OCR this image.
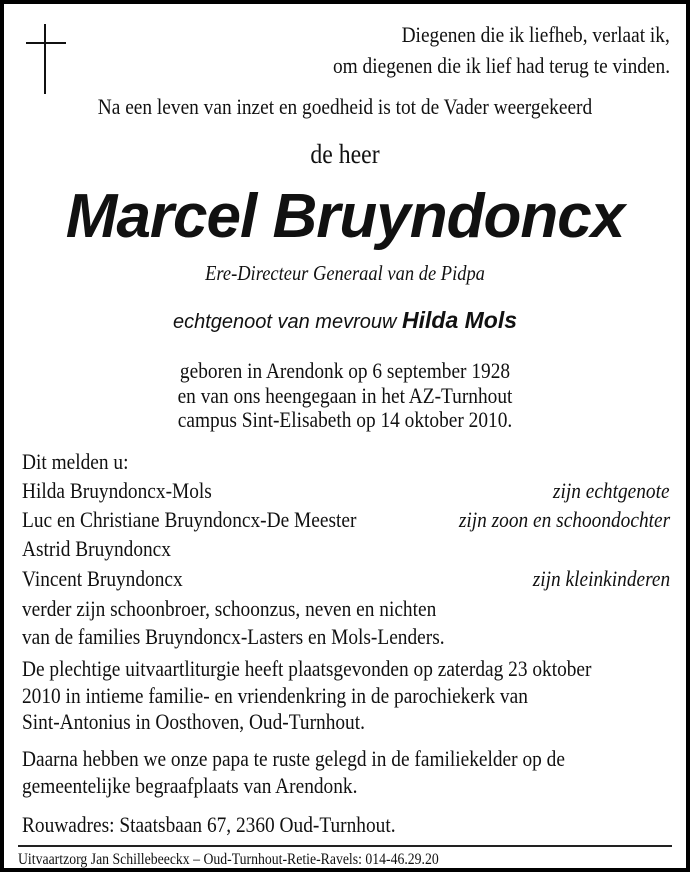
Diegenen die ik liefheb, verlaat ik,
om diegenen die ik lief had terug te vinden.
Na een leven van inzet en goedheid is tot de Vader weergekeerd
de heer
Marcel Bruyndoncx
Ere-Directeur Generaal van de Pidpa
echtgenoot van mevrouw Hilda Mols
geboren in Arendonk op 6 september 1928
en van ons heengegaan in het AZ-Turnhout
campus Sint-Elisabeth op 14 oktober 2010.
Dit melden u:
Hilda Bruyndoncx-Mols	zijn echtgenote
Luc en Christiane Bruyndoncx-De Meester	zijn zoon en schoondochter
Astrid Bruyndoncx
Vincent Bruyndoncx	zijn kleinkinderen
verder zijn schoonbroer, schoonzus, neven en nichten
van de families Bruyndoncx-Lasters en Mols-Lenders.
De plechtige uitvaartliturgie heeft plaatsgevonden op zaterdag 23 oktober
2010 in intieme familie- en vriendenkring in de parochiekerk van
Sint-Antonius in Oosthoven, Oud-Turnhout.
Daarna hebben we onze papa te ruste gelegd in de familiekelder op de
gemeentelijke begraafplaats van Arendonk.
Rouwadres: Staatsbaan 67, 2360 Oud-Turnhout.
Uitvaartzorg Jan Schillebeeckx – Oud-Turnhout-Retie-Ravels: 014-46.29.20
